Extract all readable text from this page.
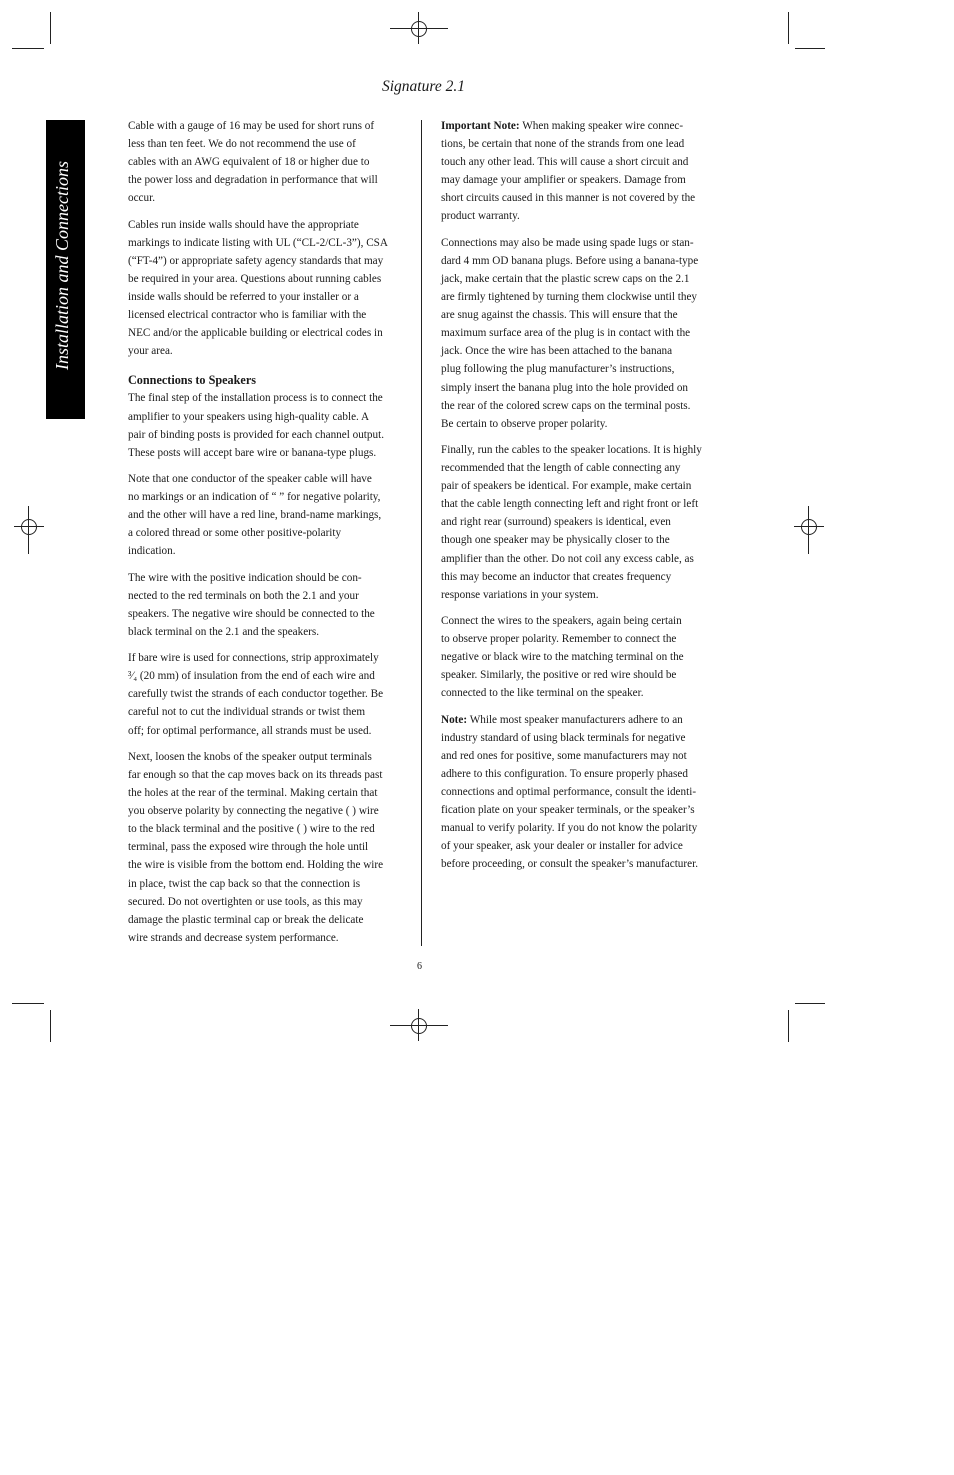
Signature 2.1
Installation and Connections

Cable with a gauge of 16 may be used for short runs of
less than ten feet. We do not recommend the use of
cables with an AWG equivalent of 18 or higher due to
the power loss and degradation in performance that will
occur.

Cables run inside walls should have the appropriate
markings to indicate listing with UL (“CL-2/CL-3”), CSA
(“FT-4”) or appropriate safety agency standards that may
be required in your area. Questions about running cables
inside walls should be referred to your installer or a
licensed electrical contractor who is familiar with the
NEC and/or the applicable building or electrical codes in
your area.

Connections to Speakers

The final step of the installation process is to connect the
amplifier to your speakers using high-quality cable. A
pair of binding posts is provided for each channel output.
These posts will accept bare wire or banana-type plugs.

Note that one conductor of the speaker cable will have
no markings or an indication of “ ” for negative polarity,
and the other will have a red line, brand-name markings,
a colored thread or some other positive-polarity
indication.

The wire with the positive indication should be con-
nected to the red terminals on both the 2.1 and your
speakers. The negative wire should be connected to the
black terminal on the 2.1 and the speakers.

If bare wire is used for connections, strip approximately
³⁄₄ (20 mm) of insulation from the end of each wire and
carefully twist the strands of each conductor together. Be
careful not to cut the individual strands or twist them
off; for optimal performance, all strands must be used.

Next, loosen the knobs of the speaker output terminals
far enough so that the cap moves back on its threads past
the holes at the rear of the terminal. Making certain that
you observe polarity by connecting the negative ( ) wire
to the black terminal and the positive ( ) wire to the red
terminal, pass the exposed wire through the hole until
the wire is visible from the bottom end. Holding the wire
in place, twist the cap back so that the connection is
secured. Do not overtighten or use tools, as this may
damage the plastic terminal cap or break the delicate
wire strands and decrease system performance.

Important Note: When making speaker wire connec-
tions, be certain that none of the strands from one lead
touch any other lead. This will cause a short circuit and
may damage your amplifier or speakers. Damage from
short circuits caused in this manner is not covered by the
product warranty.

Connections may also be made using spade lugs or stan-
dard 4 mm OD banana plugs. Before using a banana-type
jack, make certain that the plastic screw caps on the 2.1
are firmly tightened by turning them clockwise until they
are snug against the chassis. This will ensure that the
maximum surface area of the plug is in contact with the
jack. Once the wire has been attached to the banana
plug following the plug manufacturer’s instructions,
simply insert the banana plug into the hole provided on
the rear of the colored screw caps on the terminal posts.
Be certain to observe proper polarity.

Finally, run the cables to the speaker locations. It is highly
recommended that the length of cable connecting any
pair of speakers be identical. For example, make certain
that the cable length connecting left and right front or left
and right rear (surround) speakers is identical, even
though one speaker may be physically closer to the
amplifier than the other. Do not coil any excess cable, as
this may become an inductor that creates frequency
response variations in your system.

Connect the wires to the speakers, again being certain
to observe proper polarity. Remember to connect the
negative or black wire to the matching terminal on the
speaker. Similarly, the positive or red wire should be
connected to the like terminal on the speaker.

Note: While most speaker manufacturers adhere to an
industry standard of using black terminals for negative
and red ones for positive, some manufacturers may not
adhere to this configuration. To ensure properly phased
connections and optimal performance, consult the identi-
fication plate on your speaker terminals, or the speaker’s
manual to verify polarity. If you do not know the polarity
of your speaker, ask your dealer or installer for advice
before proceeding, or consult the speaker’s manufacturer.

6
